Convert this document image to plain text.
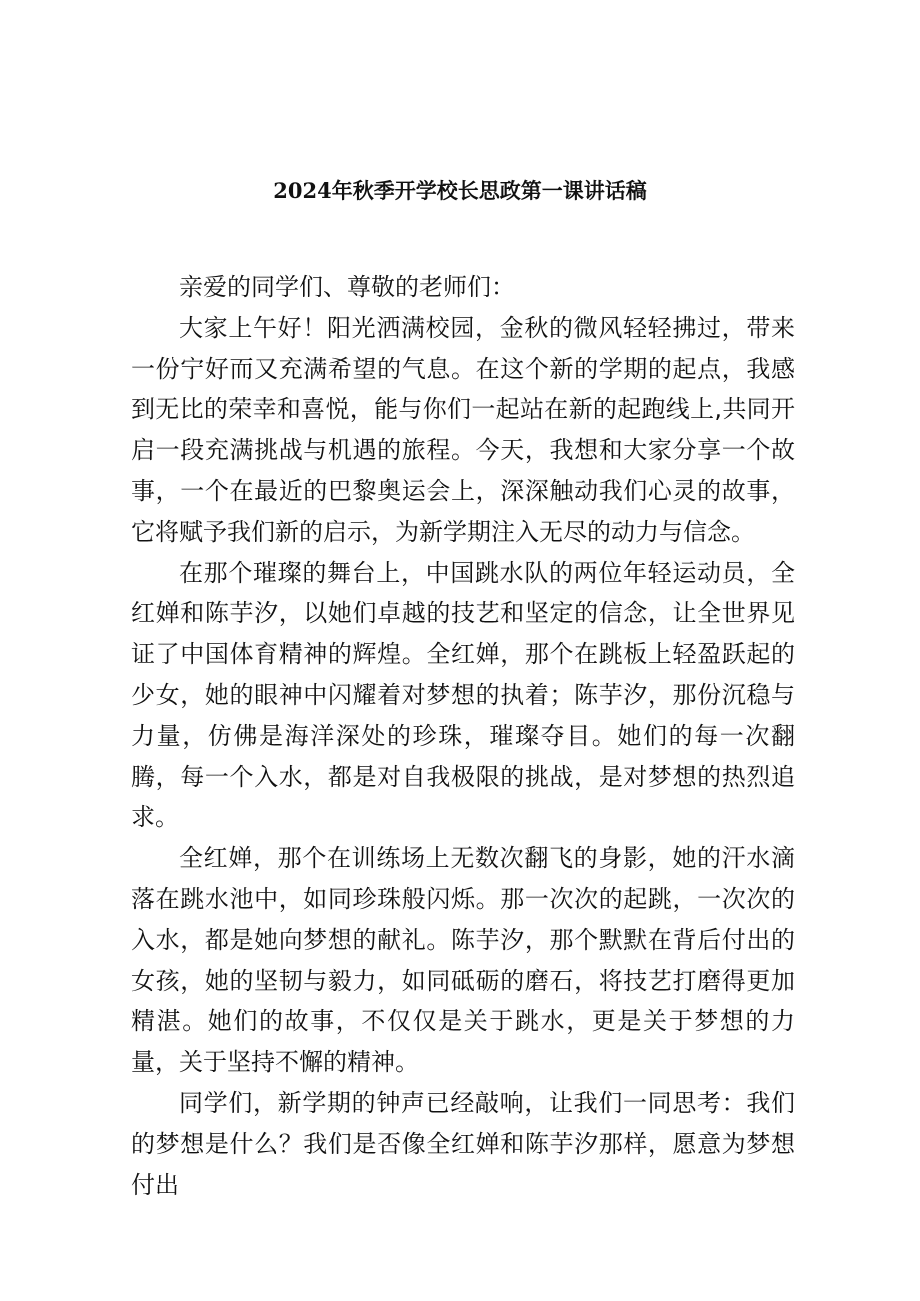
2024年秋季开学校长思政第一课讲话稿

亲爱的同学们、尊敬的老师们：

大家上午好！阳光洒满校园，金秋的微风轻轻拂过，带来一份宁好而又充满希望的气息。在这个新的学期的起点，我感到无比的荣幸和喜悦，能与你们一起站在新的起跑线上,共同开启一段充满挑战与机遇的旅程。今天，我想和大家分享一个故事，一个在最近的巴黎奥运会上，深深触动我们心灵的故事，它将赋予我们新的启示，为新学期注入无尽的动力与信念。

在那个璀璨的舞台上，中国跳水队的两位年轻运动员，全红婵和陈芋汐，以她们卓越的技艺和坚定的信念，让全世界见证了中国体育精神的辉煌。全红婵，那个在跳板上轻盈跃起的少女，她的眼神中闪耀着对梦想的执着；陈芋汐，那份沉稳与力量，仿佛是海洋深处的珍珠，璀璨夺目。她们的每一次翻腾，每一个入水，都是对自我极限的挑战，是对梦想的热烈追求。

全红婵，那个在训练场上无数次翻飞的身影，她的汗水滴落在跳水池中，如同珍珠般闪烁。那一次次的起跳，一次次的入水，都是她向梦想的献礼。陈芋汐，那个默默在背后付出的女孩，她的坚韧与毅力，如同砥砺的磨石，将技艺打磨得更加精湛。她们的故事，不仅仅是关于跳水，更是关于梦想的力量，关于坚持不懈的精神。

同学们，新学期的钟声已经敲响，让我们一同思考：我们的梦想是什么？我们是否像全红婵和陈芋汐那样，愿意为梦想付出
